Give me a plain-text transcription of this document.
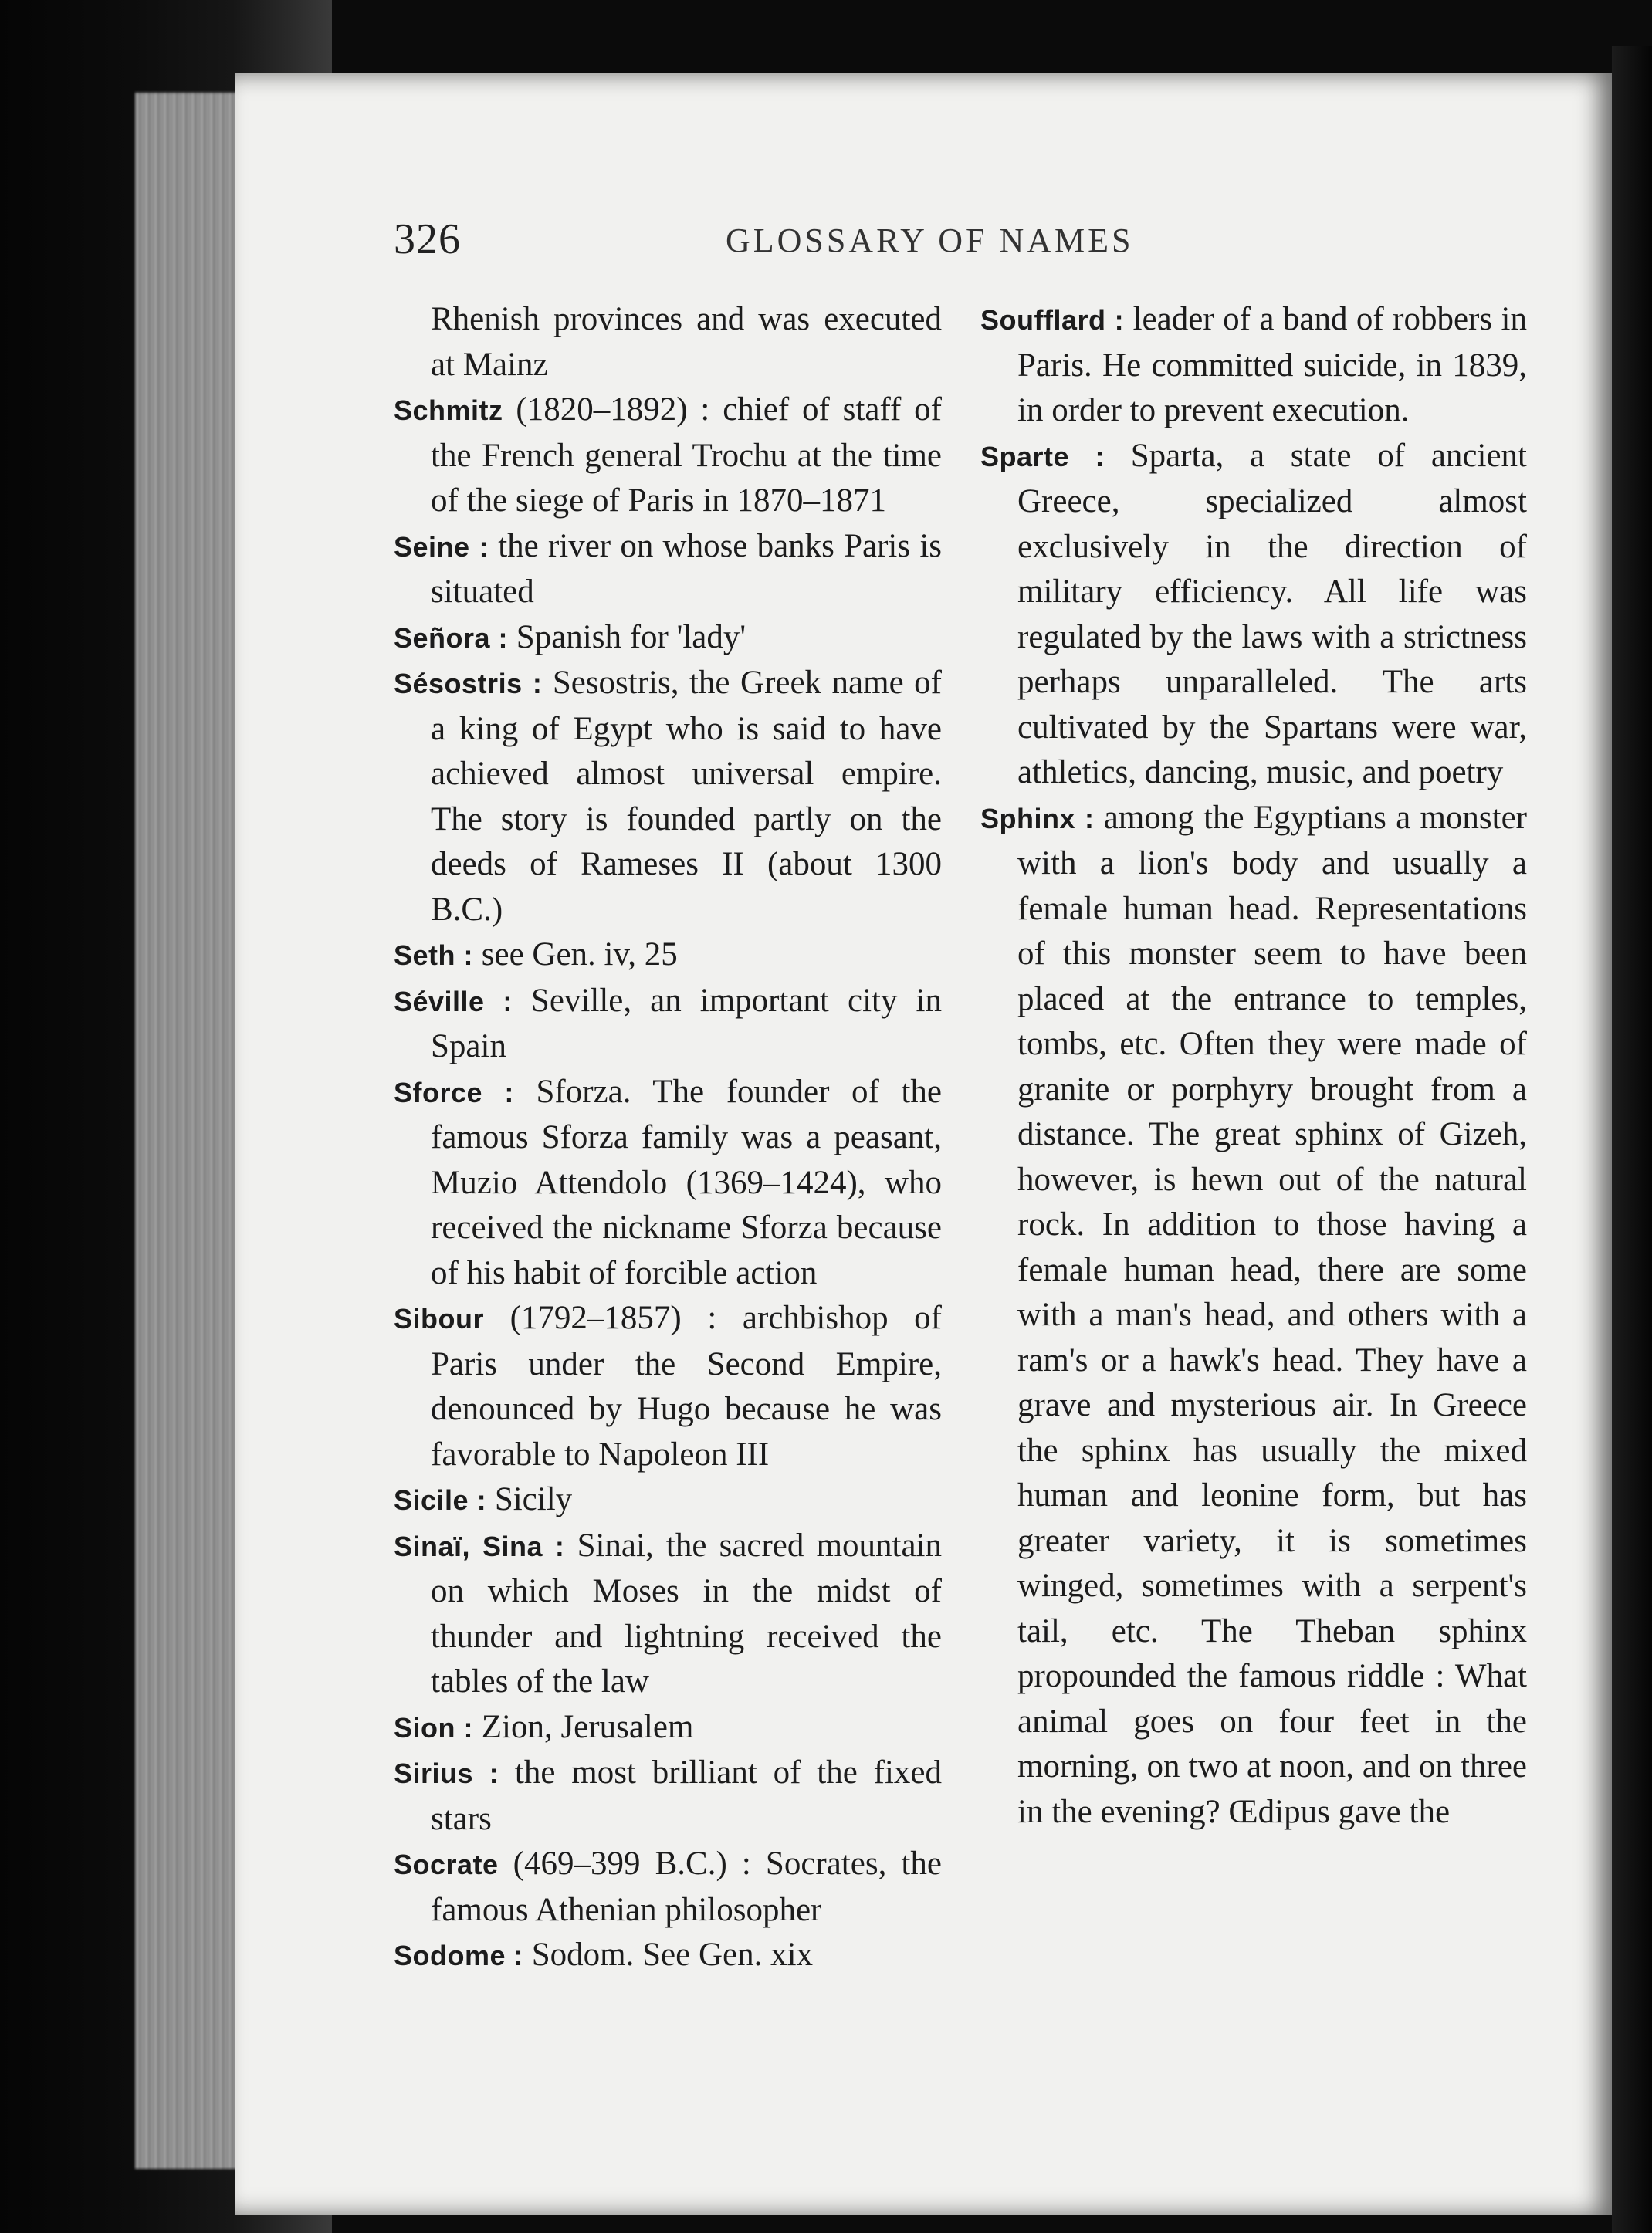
326	GLOSSARY OF NAMES

Rhenish provinces and was executed at Mainz

Schmitz (1820–1892) : chief of staff of the French general Trochu at the time of the siege of Paris in 1870–1871

Seine : the river on whose banks Paris is situated

Señora : Spanish for 'lady'

Sésostris : Sesostris, the Greek name of a king of Egypt who is said to have achieved almost universal empire. The story is founded partly on the deeds of Rameses II (about 1300 B.C.)

Seth : see Gen. iv, 25

Séville : Seville, an important city in Spain

Sforce : Sforza. The founder of the famous Sforza family was a peasant, Muzio Attendolo (1369–1424), who received the nickname Sforza because of his habit of forcible action

Sibour (1792–1857) : archbishop of Paris under the Second Empire, denounced by Hugo because he was favorable to Napoleon III

Sicile : Sicily

Sinaï, Sina : Sinai, the sacred mountain on which Moses in the midst of thunder and lightning received the tables of the law

Sion : Zion, Jerusalem

Sirius : the most brilliant of the fixed stars

Socrate (469–399 B.C.) : Socrates, the famous Athenian philosopher

Sodome : Sodom. See Gen. xix

Soufflard : leader of a band of robbers in Paris. He committed suicide, in 1839, in order to prevent execution.

Sparte : Sparta, a state of ancient Greece, specialized almost exclusively in the direction of military efficiency. All life was regulated by the laws with a strictness perhaps unparalleled. The arts cultivated by the Spartans were war, athletics, dancing, music, and poetry

Sphinx : among the Egyptians a monster with a lion's body and usually a female human head. Representations of this monster seem to have been placed at the entrance to temples, tombs, etc. Often they were made of granite or porphyry brought from a distance. The great sphinx of Gizeh, however, is hewn out of the natural rock. In addition to those having a female human head, there are some with a man's head, and others with a ram's or a hawk's head. They have a grave and mysterious air. In Greece the sphinx has usually the mixed human and leonine form, but has greater variety, it is sometimes winged, sometimes with a serpent's tail, etc. The Theban sphinx propounded the famous riddle : What animal goes on four feet in the morning, on two at noon, and on three in the evening? Œdipus gave the
